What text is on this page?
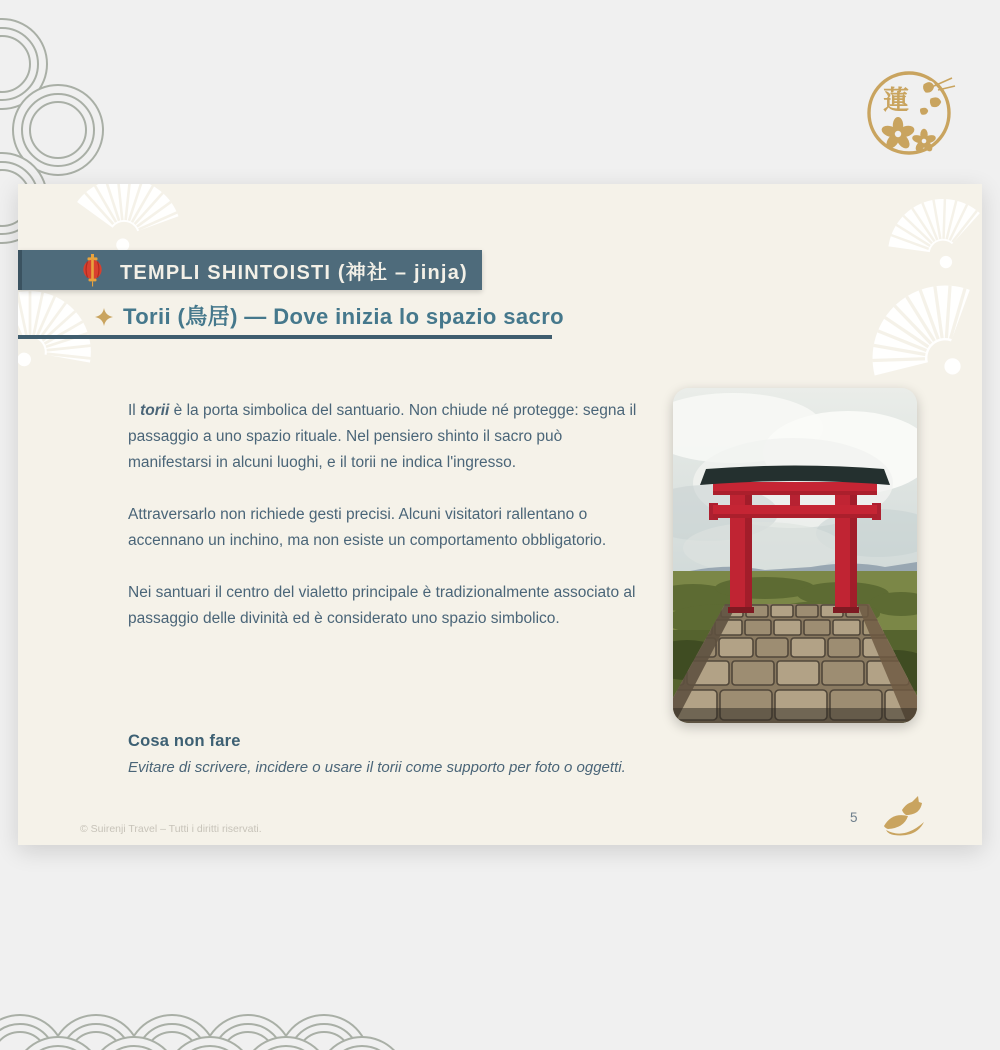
蓮
TEMPLI SHINTOISTI (神社 – jinja)
Torii (鳥居) — Dove inizia lo spazio sacro

Il torii è la porta simbolica del santuario. Non chiude né protegge: segna il passaggio a uno spazio rituale. Nel pensiero shinto il sacro può manifestarsi in alcuni luoghi, e il torii ne indica l'ingresso.

Attraversarlo non richiede gesti precisi. Alcuni visitatori rallentano o accennano un inchino, ma non esiste un comportamento obbligatorio.

Nei santuari il centro del vialetto principale è tradizionalmente associato al passaggio delle divinità ed è considerato uno spazio simbolico.

Cosa non fare
Evitare di scrivere, incidere o usare il torii come supporto per foto o oggetti.
© Suirenji Travel – Tutti i diritti riservati.
5
